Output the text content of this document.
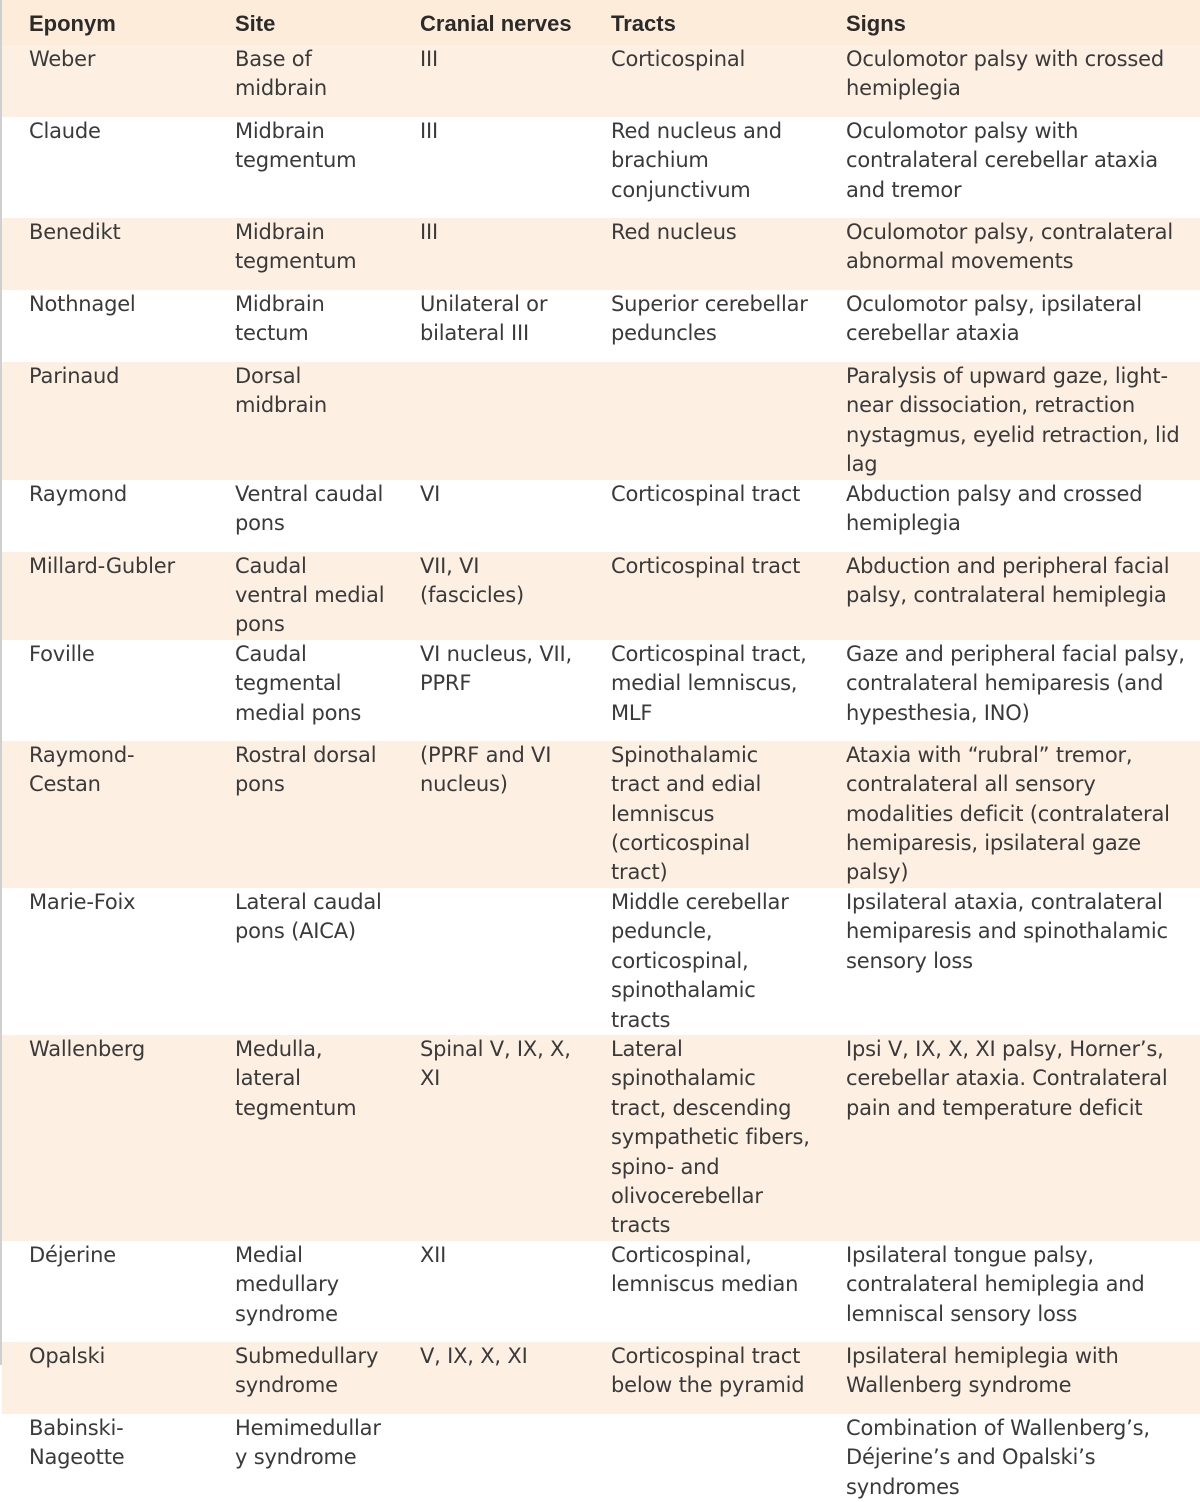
Eponym	Site	Cranial nerves	Tracts	Signs
Weber	Base of midbrain	III	Corticospinal	Oculomotor palsy with crossed hemiplegia
Claude	Midbrain tegmentum	III	Red nucleus and brachium conjunctivum	Oculomotor palsy with contralateral cerebellar ataxia and tremor
Benedikt	Midbrain tegmentum	III	Red nucleus	Oculomotor palsy, contralateral abnormal movements
Nothnagel	Midbrain tectum	Unilateral or bilateral III	Superior cerebellar peduncles	Oculomotor palsy, ipsilateral cerebellar ataxia
Parinaud	Dorsal midbrain			Paralysis of upward gaze, light-near dissociation, retraction nystagmus, eyelid retraction, lid lag
Raymond	Ventral caudal pons	VI	Corticospinal tract	Abduction palsy and crossed hemiplegia
Millard-Gubler	Caudal ventral medial pons	VII, VI (fascicles)	Corticospinal tract	Abduction and peripheral facial palsy, contralateral hemiplegia
Foville	Caudal tegmental medial pons	VI nucleus, VII, PPRF	Corticospinal tract, medial lemniscus, MLF	Gaze and peripheral facial palsy, contralateral hemiparesis (and hypesthesia, INO)
Raymond-Cestan	Rostral dorsal pons	(PPRF and VI nucleus)	Spinothalamic tract and edial lemniscus (corticospinal tract)	Ataxia with “rubral” tremor, contralateral all sensory modalities deficit (contralateral hemiparesis, ipsilateral gaze palsy)
Marie-Foix	Lateral caudal pons (AICA)		Middle cerebellar peduncle, corticospinal, spinothalamic tracts	Ipsilateral ataxia, contralateral hemiparesis and spinothalamic sensory loss
Wallenberg	Medulla, lateral tegmentum	Spinal V, IX, X, XI	Lateral spinothalamic tract, descending sympathetic fibers, spino- and olivocerebellar tracts	Ipsi V, IX, X, XI palsy, Horner’s, cerebellar ataxia. Contralateral pain and temperature deficit
Déjerine	Medial medullary syndrome	XII	Corticospinal, lemniscus median	Ipsilateral tongue palsy, contralateral hemiplegia and lemniscal sensory loss
Opalski	Submedullary syndrome	V, IX, X, XI	Corticospinal tract below the pyramid	Ipsilateral hemiplegia with Wallenberg syndrome
Babinski-Nageotte	Hemimedullary syndrome			Combination of Wallenberg’s, Déjerine’s and Opalski’s syndromes
